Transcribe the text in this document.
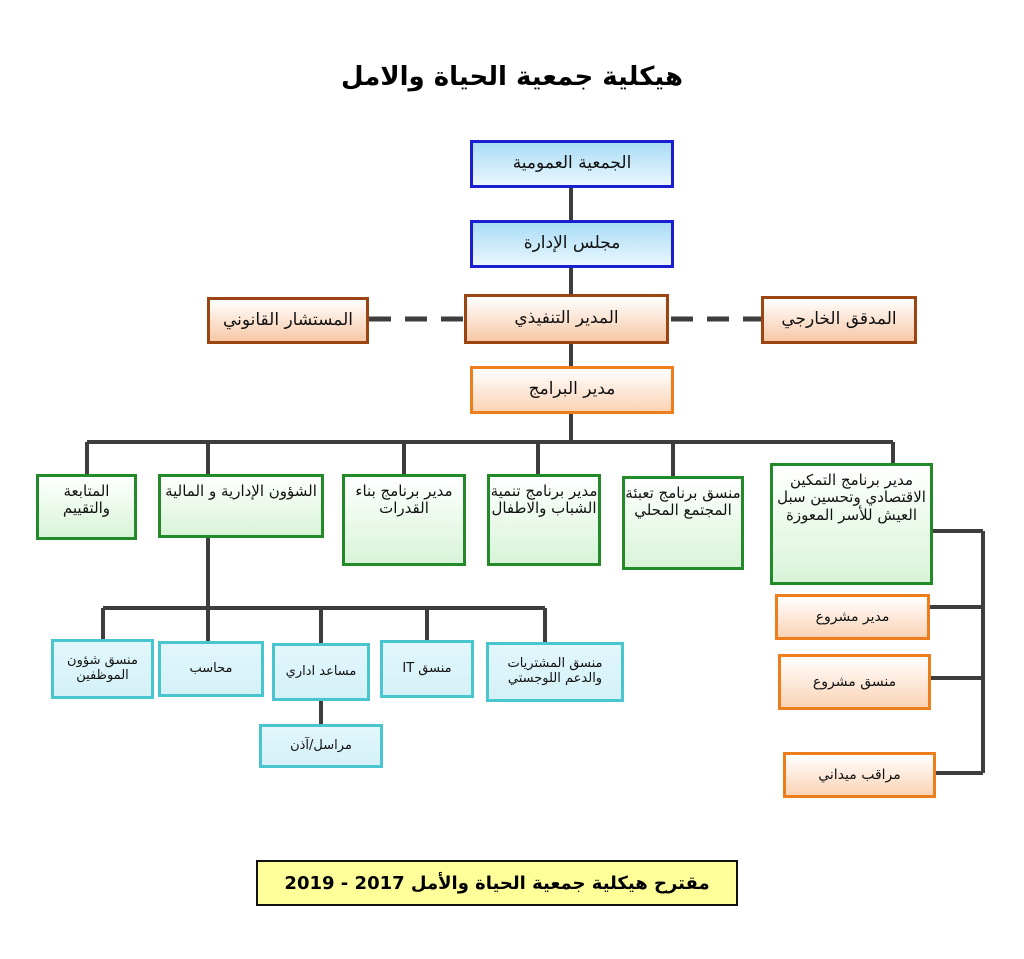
هيكلية جمعية الحياة والامل
الجمعية العمومية
مجلس الإدارة
المدير التنفيذي
المستشار القانوني	المدقق الخارجي
مدير البرامج
المتابعة والتقييم
الشؤون الإدارية و المالية	مدير برنامج بناء القدرات
مدير برنامج تنمية الشباب والاطفال
منسق برنامج تعبئة المجتمع المحلي
مدير برنامج التمكين الاقتصادي وتحسين سبل العيش للأسر المعوزة
مدير مشروع
منسق مشروع
مراقب ميداني
منسق شؤون الموظفين	محاسب	مساعد اداري	منسق IT	منسق المشتريات والدعم اللوجستي
مراسل/آذن
مقترح هيكلية جمعية الحياة والأمل 2017 - 2019
